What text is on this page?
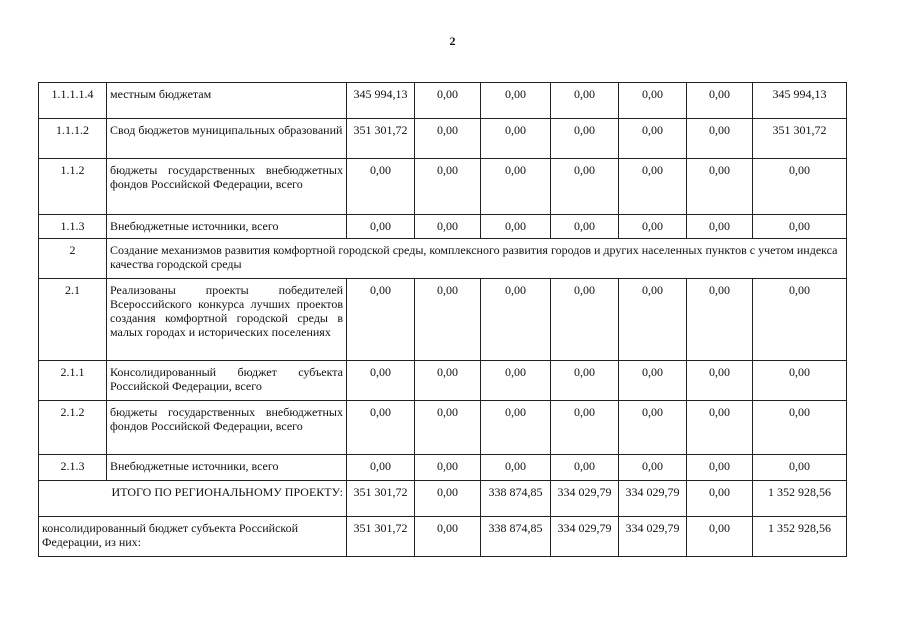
2
1.1.1.1.4	местным бюджетам	345 994,13	0,00	0,00	0,00	0,00	0,00	345 994,13
1.1.1.2	Свод бюджетов муниципальных образований	351 301,72	0,00	0,00	0,00	0,00	0,00	351 301,72
1.1.2	бюджеты государственных внебюджетных фондов Российской Федерации, всего	0,00	0,00	0,00	0,00	0,00	0,00	0,00
1.1.3	Внебюджетные источники, всего	0,00	0,00	0,00	0,00	0,00	0,00	0,00
2	Создание механизмов развития комфортной городской среды, комплексного развития городов и других населенных пунктов с учетом индекса качества городской среды							
2.1	Реализованы проекты победителей Всероссийского конкурса лучших проектов создания комфортной городской среды в малых городах и исторических поселениях	0,00	0,00	0,00	0,00	0,00	0,00	0,00
2.1.1	Консолидированный бюджет субъекта Российской Федерации, всего	0,00	0,00	0,00	0,00	0,00	0,00	0,00
2.1.2	бюджеты государственных внебюджетных фондов Российской Федерации, всего	0,00	0,00	0,00	0,00	0,00	0,00	0,00
2.1.3	Внебюджетные источники, всего	0,00	0,00	0,00	0,00	0,00	0,00	0,00
ИТОГО ПО РЕГИОНАЛЬНОМУ ПРОЕКТУ:		351 301,72	0,00	338 874,85	334 029,79	334 029,79	0,00	1 352 928,56
консолидированный бюджет субъекта Российской Федерации, из них:		351 301,72	0,00	338 874,85	334 029,79	334 029,79	0,00	1 352 928,56
